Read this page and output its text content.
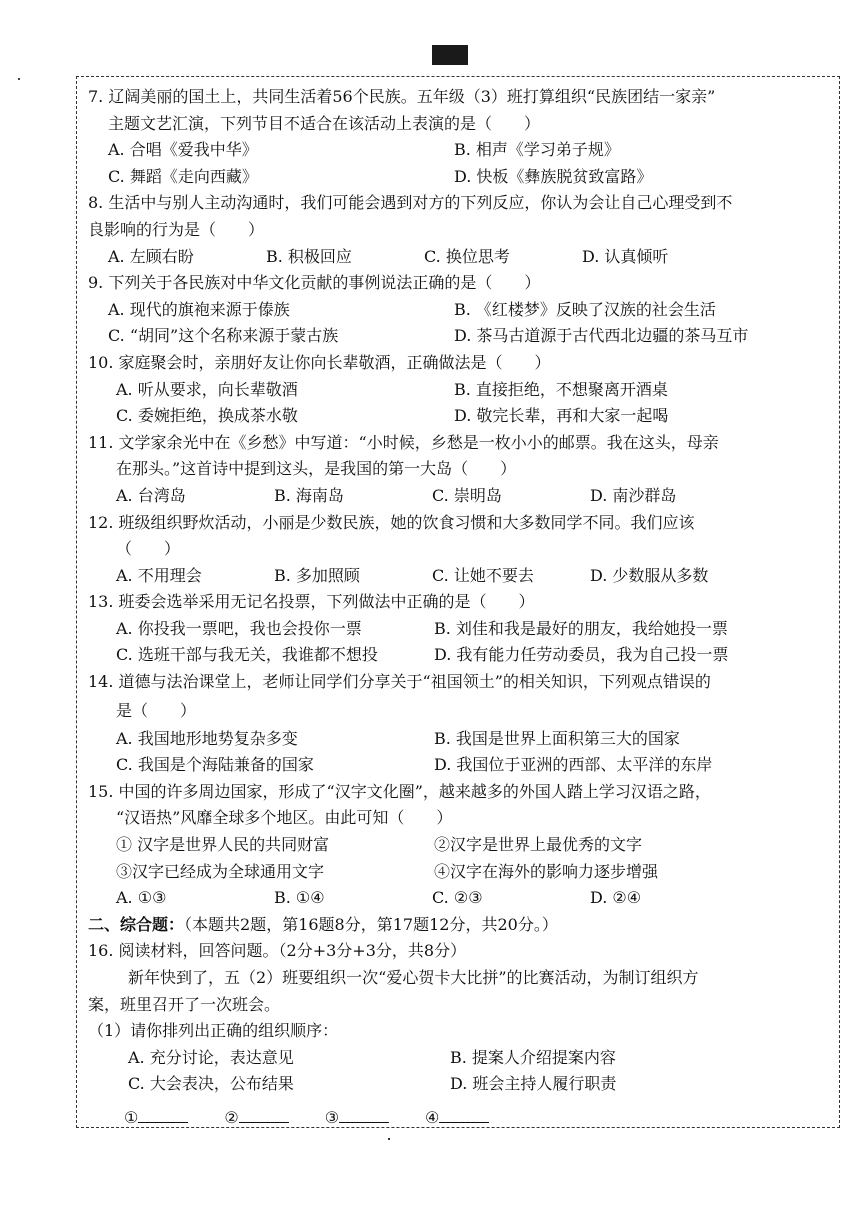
7. 辽阔美丽的国土上，共同生活着56个民族。五年级（3）班打算组织“民族团结一家亲”
主题文艺汇演，下列节目不适合在该活动上表演的是（　　）
A. 合唱《爱我中华》	B. 相声《学习弟子规》
C. 舞蹈《走向西藏》	D. 快板《彝族脱贫致富路》
8. 生活中与别人主动沟通时，我们可能会遇到对方的下列反应，你认为会让自己心理受到不
良影响的行为是（　　）
A. 左顾右盼	B. 积极回应	C. 换位思考	D. 认真倾听
9. 下列关于各民族对中华文化贡献的事例说法正确的是（　　）
A. 现代的旗袍来源于傣族	B. 《红楼梦》反映了汉族的社会生活
C. “胡同”这个名称来源于蒙古族	D. 茶马古道源于古代西北边疆的茶马互市
10. 家庭聚会时，亲朋好友让你向长辈敬酒，正确做法是（　　）
A. 听从要求，向长辈敬酒	B. 直接拒绝，不想聚离开酒桌
C. 委婉拒绝，换成茶水敬	D. 敬完长辈，再和大家一起喝
11. 文学家余光中在《乡愁》中写道：“小时候，乡愁是一枚小小的邮票。我在这头，母亲
在那头。”这首诗中提到这头，是我国的第一大岛（　　）
A. 台湾岛	B. 海南岛	C. 崇明岛	D. 南沙群岛
12. 班级组织野炊活动，小丽是少数民族，她的饮食习惯和大多数同学不同。我们应该
（　　）
A. 不用理会	B. 多加照顾	C. 让她不要去	D. 少数服从多数
13. 班委会选举采用无记名投票，下列做法中正确的是（　　）
A. 你投我一票吧，我也会投你一票	B. 刘佳和我是最好的朋友，我给她投一票
C. 选班干部与我无关，我谁都不想投	D. 我有能力任劳动委员，我为自己投一票
14. 道德与法治课堂上，老师让同学们分享关于“祖国领土”的相关知识，下列观点错误的
是（　　）
A. 我国地形地势复杂多变	B. 我国是世界上面积第三大的国家
C. 我国是个海陆兼备的国家	D. 我国位于亚洲的西部、太平洋的东岸
15. 中国的许多周边国家，形成了“汉字文化圈”，越来越多的外国人踏上学习汉语之路，
“汉语热”风靡全球多个地区。由此可知（　　）
① 汉字是世界人民的共同财富	②汉字是世界上最优秀的文字
③汉字已经成为全球通用文字	④汉字在海外的影响力逐步增强
A. ①③	B. ①④	C. ②③	D. ②④
二、综合题：（本题共2题，第16题8分，第17题12分，共20分。）
16. 阅读材料，回答问题。（2分+3分+3分，共8分）
新年快到了，五（2）班要组织一次“爱心贺卡大比拼”的比赛活动，为制订组织方
案，班里召开了一次班会。
（1）请你排列出正确的组织顺序：
A. 充分讨论，表达意见	B. 提案人介绍提案内容
C. 大会表决，公布结果	D. 班会主持人履行职责
①	②	③	④
